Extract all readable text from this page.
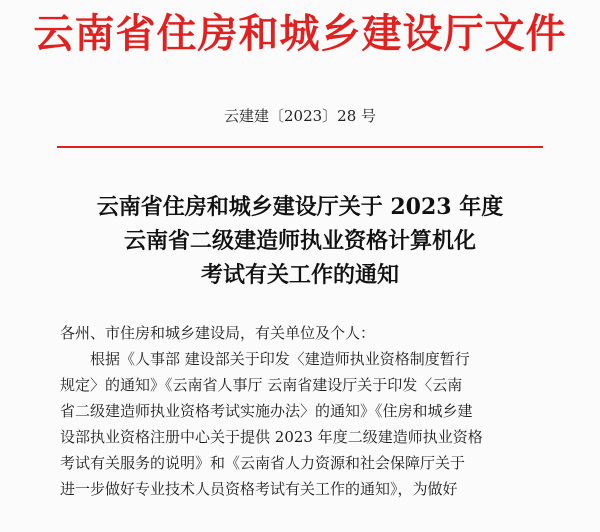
云南省住房和城乡建设厅文件
云建建〔2023〕28 号
云南省住房和城乡建设厅关于 2023 年度
云南省二级建造师执业资格计算机化
考试有关工作的通知
各州、市住房和城乡建设局，有关单位及个人：
根据《人事部 建设部关于印发〈建造师执业资格制度暂行
规定〉的通知》《云南省人事厅 云南省建设厅关于印发〈云南
省二级建造师执业资格考试实施办法〉的通知》《住房和城乡建
设部执业资格注册中心关于提供 2023 年度二级建造师执业资格
考试有关服务的说明》和《云南省人力资源和社会保障厅关于
进一步做好专业技术人员资格考试有关工作的通知》，为做好
